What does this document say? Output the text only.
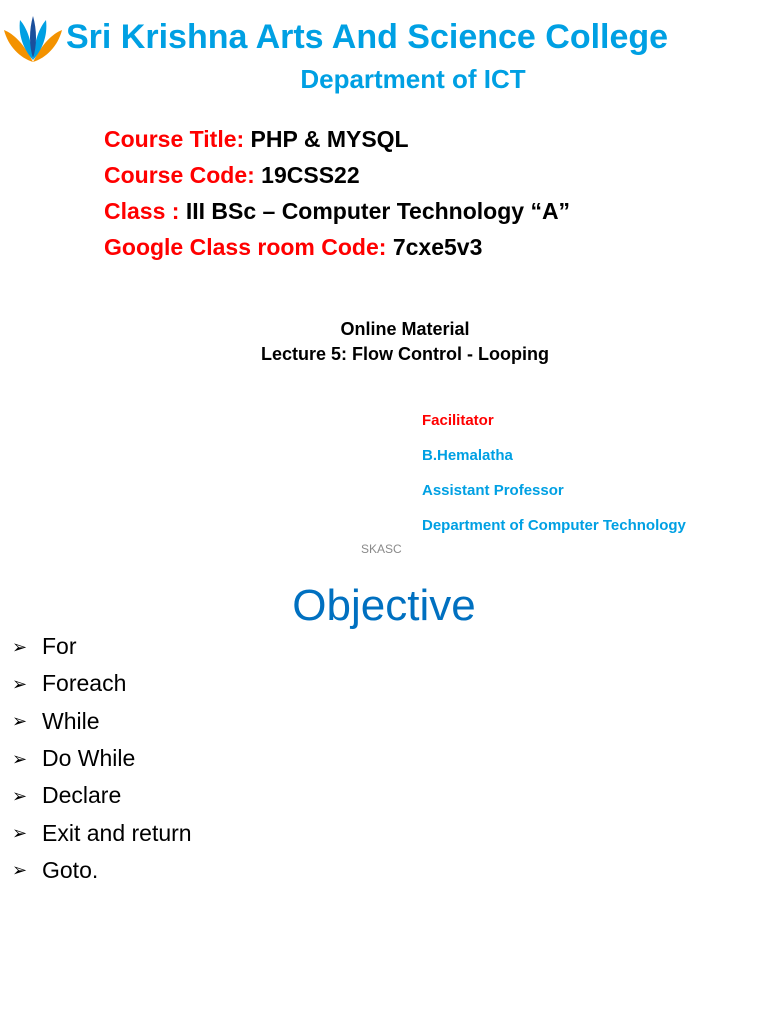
Sri Krishna Arts And Science College
Department of ICT
Course Title: PHP & MYSQL
Course Code: 19CSS22
Class : III BSc – Computer Technology “A”
Google Class room Code: 7cxe5v3
Online Material
Lecture 5: Flow Control - Looping
Facilitator
B.Hemalatha
Assistant Professor
Department of Computer Technology
SKASC
Objective
➢ For
➢ Foreach
➢ While
➢ Do While
➢ Declare
➢ Exit and return
➢ Goto.
